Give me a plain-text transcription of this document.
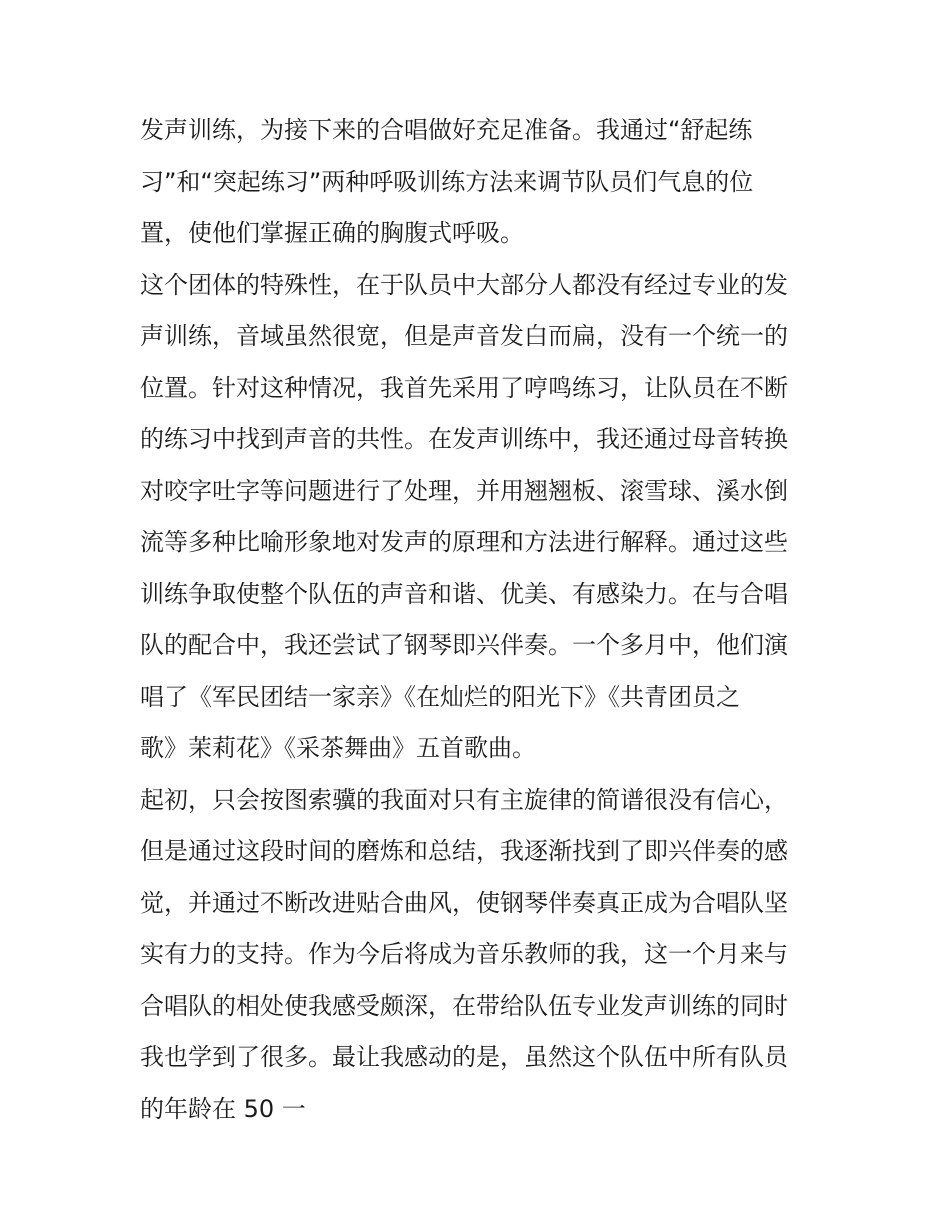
发声训练，为接下来的合唱做好充足准备。我通过“舒起练
习”和“突起练习”两种呼吸训练方法来调节队员们气息的位
置，使他们掌握正确的胸腹式呼吸。
这个团体的特殊性，在于队员中大部分人都没有经过专业的发
声训练，音域虽然很宽，但是声音发白而扁，没有一个统一的
位置。针对这种情况，我首先采用了哼鸣练习，让队员在不断
的练习中找到声音的共性。在发声训练中，我还通过母音转换
对咬字吐字等问题进行了处理，并用翘翘板、滚雪球、溪水倒
流等多种比喻形象地对发声的原理和方法进行解释。通过这些
训练争取使整个队伍的声音和谐、优美、有感染力。在与合唱
队的配合中，我还尝试了钢琴即兴伴奏。一个多月中，他们演
唱了《军民团结一家亲》《在灿烂的阳光下》《共青团员之
歌》茉莉花》《采茶舞曲》五首歌曲。
起初，只会按图索骥的我面对只有主旋律的简谱很没有信心，
但是通过这段时间的磨炼和总结，我逐渐找到了即兴伴奏的感
觉，并通过不断改进贴合曲风，使钢琴伴奏真正成为合唱队坚
实有力的支持。作为今后将成为音乐教师的我，这一个月来与
合唱队的相处使我感受颇深，在带给队伍专业发声训练的同时
我也学到了很多。最让我感动的是，虽然这个队伍中所有队员
的年龄在 50 一
